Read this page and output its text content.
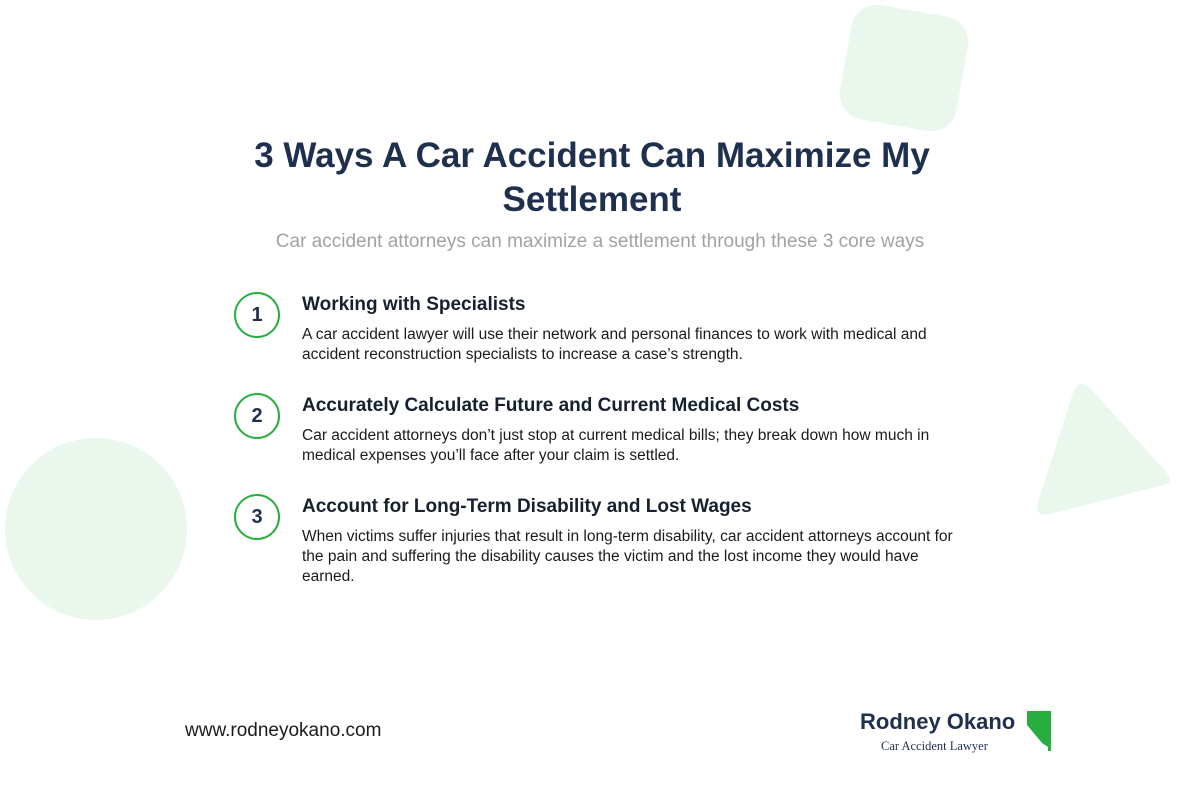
3 Ways A Car Accident Can Maximize My Settlement

Car accident attorneys can maximize a settlement through these 3 core ways

1	Working with Specialists

A car accident lawyer will use their network and personal finances to work with medical and accident reconstruction specialists to increase a case’s strength.

2	Accurately Calculate Future and Current Medical Costs

Car accident attorneys don’t just stop at current medical bills; they break down how much in medical expenses you’ll face after your claim is settled.

3	Account for Long-Term Disability and Lost Wages

When victims suffer injuries that result in long-term disability, car accident attorneys account for the pain and suffering the disability causes the victim and the lost income they would have earned.

www.rodneyokano.com	Rodney Okano

Car Accident Lawyer
